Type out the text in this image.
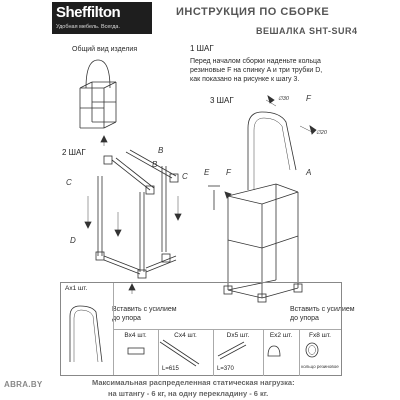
Sheffilton
Удобная мебель. Всегда.
ИНСТРУКЦИЯ ПО СБОРКЕ
ВЕШАЛКА SHT-SUR4
Общий вид изделия	1 ШАГ
Перед началом сборки наденьте кольца
резиновые F на спинку A и три трубки D,
как показано на рисунке к шагу 3.
3 ШАГ	∅30
∅20
F
A
E F
2 ШАГ	B
B
C
C
D
Вставить с усилием
до упора
Вставить с усилием
до упора
Ax1 шт.
Bx4 шт.	Cx4 шт.
L=615
Dx5 шт.
L=370
Ex2 шт.	Fx8 шт.
кольцо резиновое
ABRA.BY	Максимальная распределенная статическая нагрузка:
на штангу - 6 кг, на одну перекладину - 6 кг.
